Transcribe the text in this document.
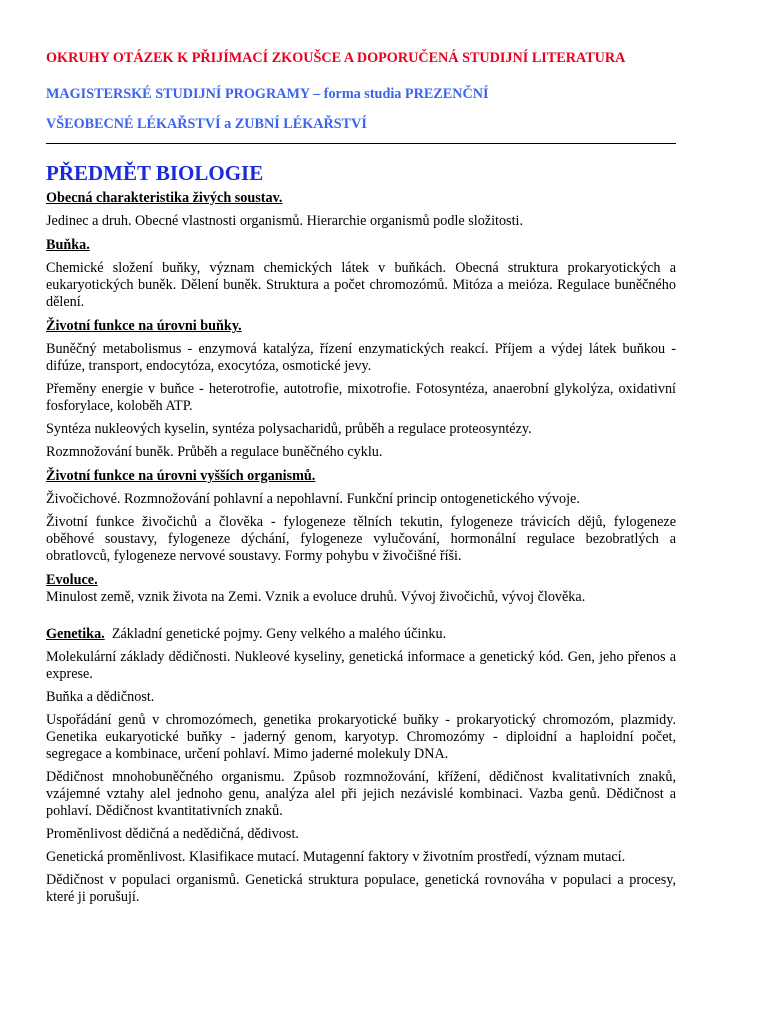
OKRUHY OTÁZEK K PŘIJÍMACÍ ZKOUŠCE A DOPORUČENÁ STUDIJNÍ LITERATURA
MAGISTERSKÉ STUDIJNÍ PROGRAMY – forma studia PREZENČNÍ
VŠEOBECNÉ LÉKAŘSTVÍ a ZUBNÍ LÉKAŘSTVÍ
PŘEDMĚT BIOLOGIE
Obecná charakteristika živých soustav.

Jedinec a druh. Obecné vlastnosti organismů. Hierarchie organismů podle složitosti.

Buňka.

Chemické složení buňky, význam chemických látek v buňkách. Obecná struktura prokaryotických a eukaryotických buněk. Dělení buněk. Struktura a počet chromozómů. Mitóza a meióza. Regulace buněčného dělení.

Životní funkce na úrovni buňky.

Buněčný metabolismus - enzymová katalýza, řízení enzymatických reakcí. Příjem a výdej látek buňkou - difúze, transport, endocytóza, exocytóza, osmotické jevy.

Přeměny energie v buňce - heterotrofie, autotrofie, mixotrofie. Fotosyntéza, anaerobní glykolýza, oxidativní fosforylace, koloběh ATP.

Syntéza nukleových kyselin, syntéza polysacharidů, průběh a regulace proteosyntézy.

Rozmnožování buněk. Průběh a regulace buněčného cyklu.

Životní funkce na úrovni vyšších organismů.

Živočichové. Rozmnožování pohlavní a nepohlavní. Funkční princip ontogenetického vývoje.

Životní funkce živočichů a člověka - fylogeneze tělních tekutin, fylogeneze trávicích dějů, fylogeneze oběhové soustavy, fylogeneze dýchání, fylogeneze vylučování, hormonální regulace bezobratlých a obratlovců, fylogeneze nervové soustavy. Formy pohybu v živočišné říši.

Evoluce.

Minulost země, vznik života na Zemi. Vznik a evoluce druhů. Vývoj živočichů, vývoj člověka.

Genetika.  Základní genetické pojmy. Geny velkého a malého účinku.

Molekulární základy dědičnosti. Nukleové kyseliny, genetická informace a genetický kód. Gen, jeho přenos a exprese.

Buňka a dědičnost.

Uspořádání genů v chromozómech, genetika prokaryotické buňky - prokaryotický chromozóm, plazmidy. Genetika eukaryotické buňky - jaderný genom, karyotyp. Chromozómy - diploidní a haploidní počet, segregace a kombinace, určení pohlaví. Mimo jaderné molekuly DNA.

Dědičnost mnohobuněčného organismu. Způsob rozmnožování, křížení, dědičnost kvalitativních znaků, vzájemné vztahy alel jednoho genu, analýza alel při jejich nezávislé kombinaci. Vazba genů. Dědičnost a pohlaví. Dědičnost kvantitativních znaků.

Proměnlivost dědičná a nedědičná, dědivost.

Genetická proměnlivost. Klasifikace mutací. Mutagenní faktory v životním prostředí, význam mutací.

Dědičnost v populaci organismů. Genetická struktura populace, genetická rovnováha v populaci a procesy, které ji porušují.
